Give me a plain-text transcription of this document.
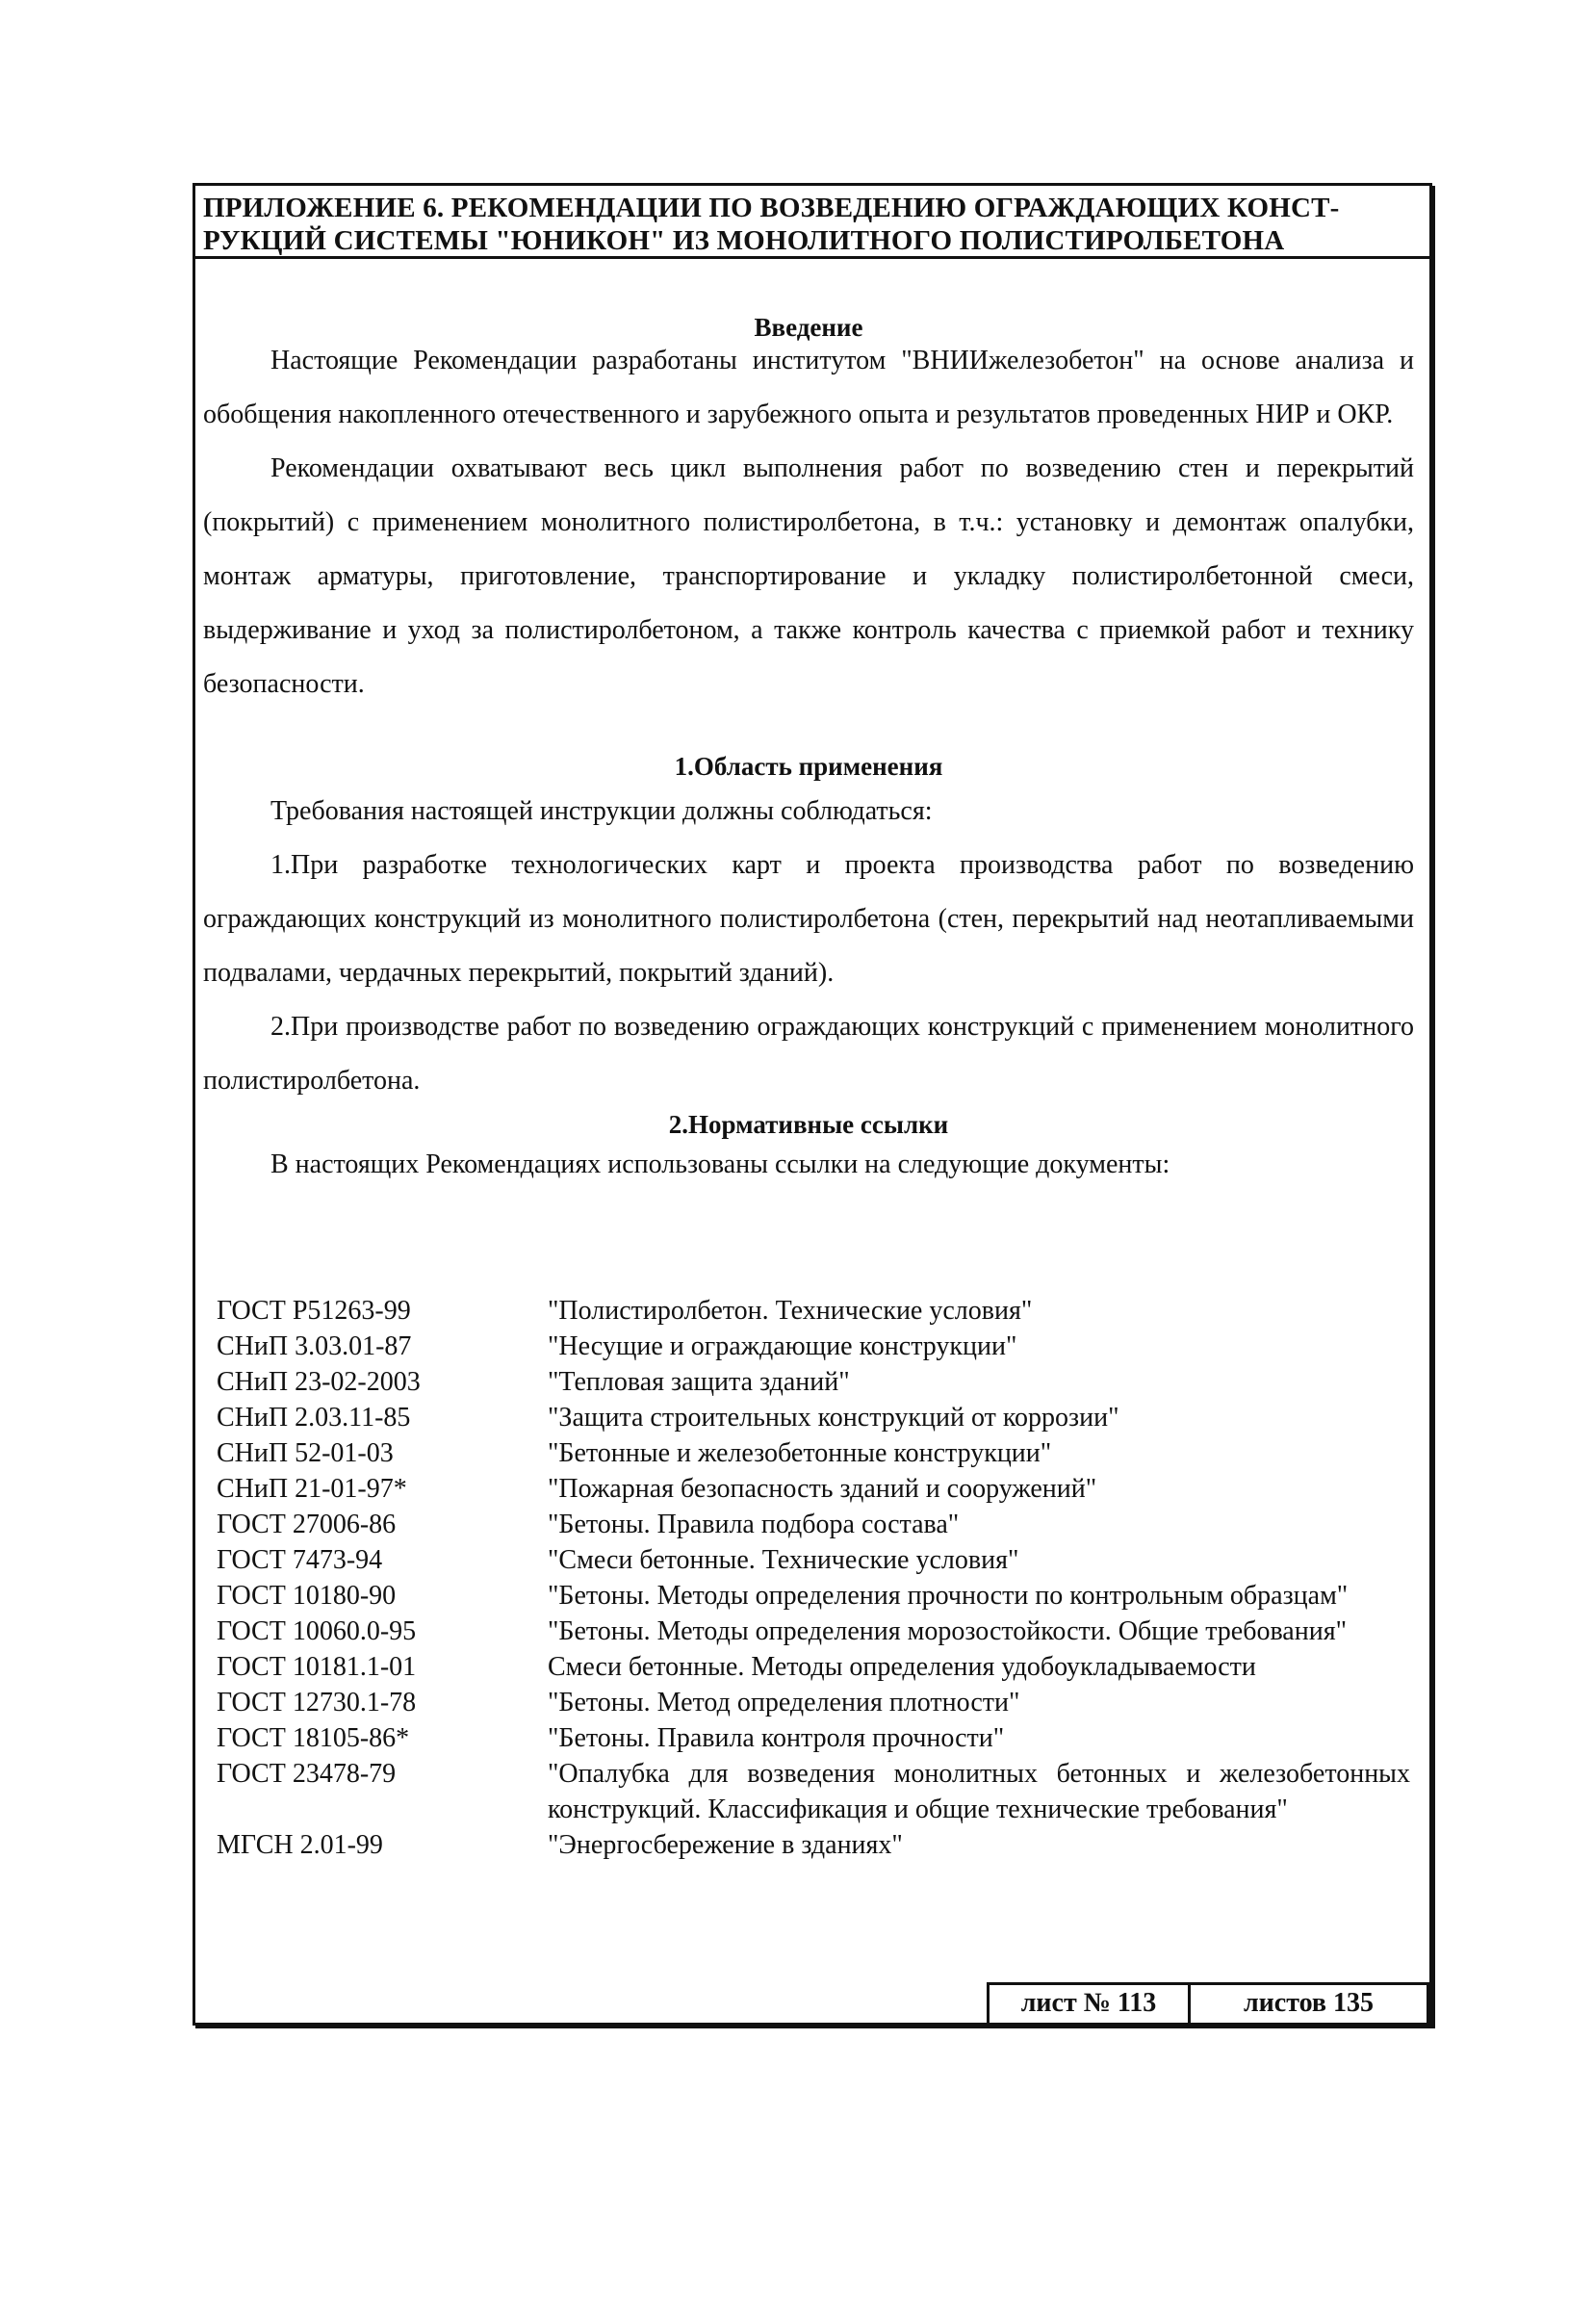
ПРИЛОЖЕНИЕ 6. РЕКОМЕНДАЦИИ ПО ВОЗВЕДЕНИЮ ОГРАЖДАЮЩИХ КОНСТ-
РУКЦИЙ СИСТЕМЫ "ЮНИКОН" ИЗ МОНОЛИТНОГО ПОЛИСТИРОЛБЕТОНА
Введение

Настоящие Рекомендации разработаны институтом "ВНИИжелезобетон" на основе анализа и обобщения накопленного отечественного и зарубежного опыта и результатов проведенных НИР и ОКР.

Рекомендации охватывают весь цикл выполнения работ по возведению стен и перекрытий (покрытий) с применением монолитного полистиролбетона, в т.ч.: установку и демонтаж опалубки, монтаж арматуры, приготовление, транспортирование и укладку полистиролбетонной смеси, выдерживание и уход за полистиролбетоном, а также контроль качества с приемкой работ и технику безопасности.

1.Область применения

Требования настоящей инструкции должны соблюдаться:

1.При разработке технологических карт и проекта производства работ по возведению ограждающих конструкций из монолитного полистиролбетона (стен, перекрытий над неотапливаемыми подвалами, чердачных перекрытий, покрытий зданий).

2.При производстве работ по возведению ограждающих конструкций с применением монолитного полистиролбетона.

2.Нормативные ссылки

В настоящих Рекомендациях использованы ссылки на следующие документы:

ГОСТ Р51263-99	"Полистиролбетон. Технические условия"
СНиП 3.03.01-87	"Несущие и ограждающие конструкции"
СНиП 23-02-2003	"Тепловая защита зданий"
СНиП 2.03.11-85	"Защита строительных конструкций от коррозии"
СНиП 52-01-03	"Бетонные и железобетонные конструкции"
СНиП 21-01-97*	"Пожарная безопасность зданий и сооружений"
ГОСТ 27006-86	"Бетоны. Правила подбора состава"
ГОСТ 7473-94	"Смеси бетонные. Технические условия"
ГОСТ 10180-90	"Бетоны. Методы определения прочности по контрольным образцам"
ГОСТ 10060.0-95	"Бетоны. Методы определения морозостойкости. Общие требования"
ГОСТ 10181.1-01	Смеси бетонные. Методы определения удобоукладываемости
ГОСТ 12730.1-78	"Бетоны. Метод определения плотности"
ГОСТ 18105-86*	"Бетоны. Правила контроля прочности"
ГОСТ 23478-79	"Опалубка для возведения монолитных бетонных и железобетонных конструкций. Классификация и общие технические требования"
МГСН 2.01-99	"Энергосбережение в зданиях"
лист № 113	листов 135
